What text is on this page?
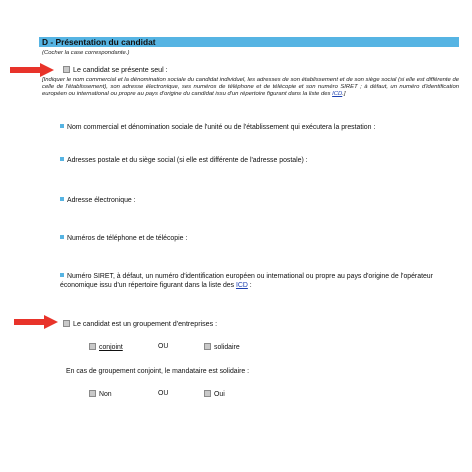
D - Présentation du candidat
(Cocher la case correspondante.)
Le candidat se présente seul :
[Indiquer le nom commercial et la dénomination sociale du candidat individuel, les adresses de son établissement et de son siège social (si elle est différente de celle de l'établissement), son adresse électronique, ses numéros de téléphone et de télécopie et son numéro SIRET ; à défaut, un numéro d'identification européen ou international ou propre au pays d'origine du candidat issu d'un répertoire figurant dans la liste des ICD.]
Nom commercial et dénomination sociale de l'unité ou de l'établissement qui exécutera la prestation :
Adresses postale et du siège social (si elle est différente de l'adresse postale) :
Adresse électronique :
Numéros de téléphone et de télécopie :
Numéro SIRET, à défaut, un numéro d'identification européen ou international ou propre au pays d'origine de l'opérateur économique issu d'un répertoire figurant dans la liste des ICD :
Le candidat est un groupement d'entreprises :
conjoint	OU	solidaire
En cas de groupement conjoint, le mandataire est solidaire :
Non	OU	Oui
